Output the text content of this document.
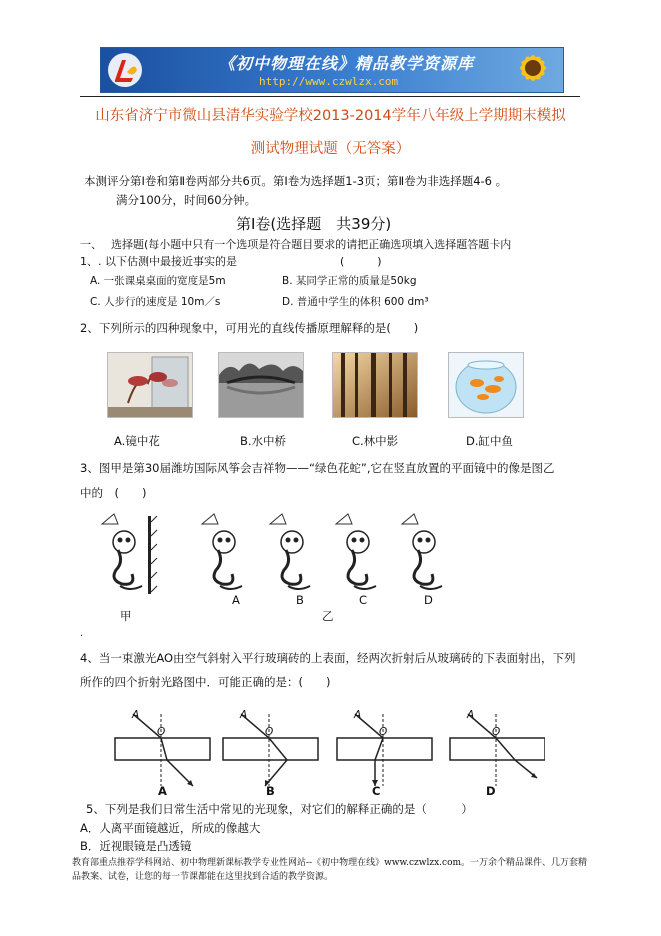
《初中物理在线》精品教学资源库
http://www.czwlzx.com
山东省济宁市微山县清华实验学校2013-2014学年八年级上学期期末模拟
测试物理试题（无答案）
本测评分第Ⅰ卷和第Ⅱ卷两部分共6页。第Ⅰ卷为选择题1-3页；第Ⅱ卷为非选择题4-6 。
满分100分，时间60分钟。
第Ⅰ卷(选择题　共39分)
一、　 选择题(每小题中只有一个选项是符合题目要求的请把正确选项填入选择题答题卡内
1、. 以下估测中最接近事实的是	(　　　)
A. 一张课桌桌面的宽度是5m	B. 某同学正常的质量是50kg
C. 人步行的速度是 10m／s	D. 普通中学生的体积 600 dm³
2、下列所示的四种现象中，可用光的直线传播原理解释的是(　　)
A.镜中花	B.水中桥	C.林中影	D.缸中鱼
3、图甲是第30届潍坊国际风筝会吉祥物——“绿色花蛇”,它在竖直放置的平面镜中的像是图乙
中的　(　　)
甲
A	B	C	D
乙
.
4、当一束激光AO由空气斜射入平行玻璃砖的上表面，经两次折射后从玻璃砖的下表面射出，下列
所作的四个折射光路图中．可能正确的是：(　　)
A
O
A
O
A
O
A
O
A	B	C	D
5、下列是我们日常生活中常见的光现象，对它们的解释正确的是（　　　）
A．人离平面镜越近，所成的像越大
B．近视眼镜是凸透镜
教育部重点推荐学科网站、初中物理新课标教学专业性网站--《初中物理在线》www.czwlzx.com。一万余个精品课件、几万套精品教案、试卷，让您的每一节课都能在这里找到合适的教学资源。
